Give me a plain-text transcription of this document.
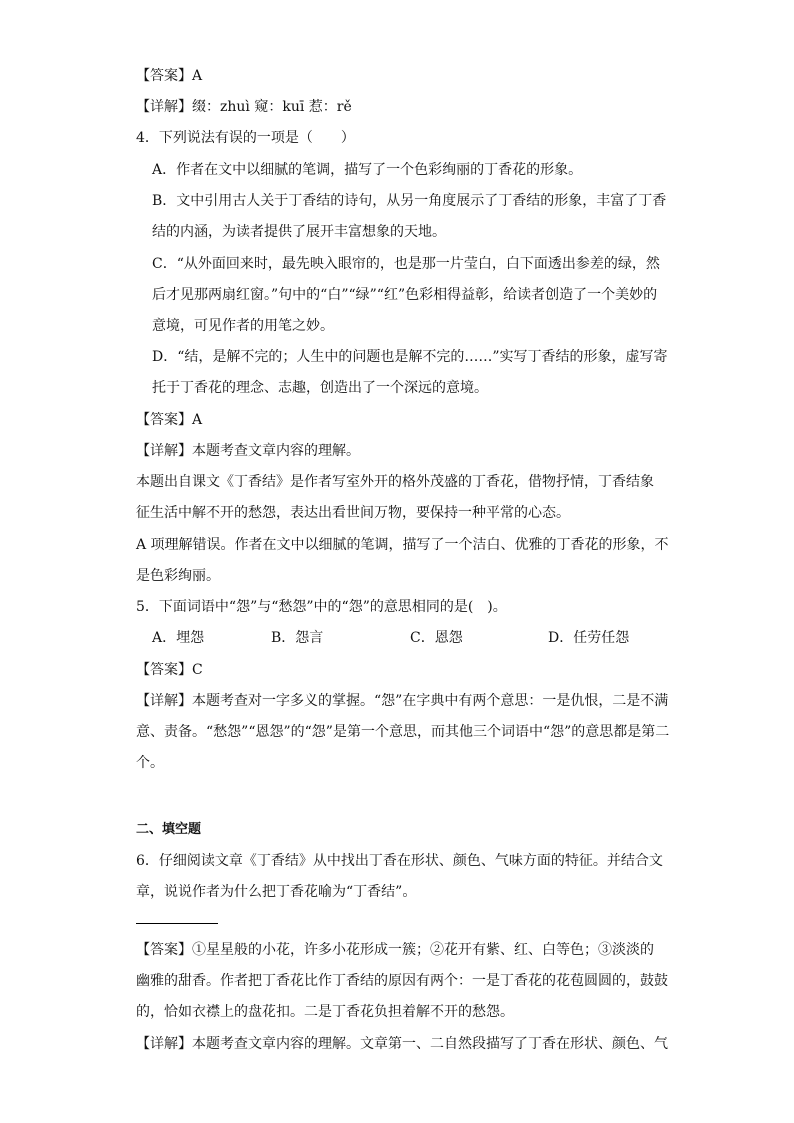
【答案】A
【详解】缀：zhuì 窥：kuī 惹：rě
4．下列说法有误的一项是（　　）
A．作者在文中以细腻的笔调，描写了一个色彩绚丽的丁香花的形象。
B．文中引用古人关于丁香结的诗句，从另一角度展示了丁香结的形象，丰富了丁香
结的内涵，为读者提供了展开丰富想象的天地。
C．“从外面回来时，最先映入眼帘的，也是那一片莹白，白下面透出参差的绿，然
后才见那两扇红窗。”句中的“白”“绿”“红”色彩相得益彰，给读者创造了一个美妙的
意境，可见作者的用笔之妙。
D．“结，是解不完的；人生中的问题也是解不完的……”实写丁香结的形象，虚写寄
托于丁香花的理念、志趣，创造出了一个深远的意境。
【答案】A
【详解】本题考查文章内容的理解。
本题出自课文《丁香结》是作者写室外开的格外茂盛的丁香花，借物抒情，丁香结象
征生活中解不开的愁怨，表达出看世间万物，要保持一种平常的心态。
A 项理解错误。作者在文中以细腻的笔调，描写了一个洁白、优雅的丁香花的形象，不
是色彩绚丽。
5．下面词语中“怨”与“愁怨”中的“怨”的意思相同的是(　)。
A．埋怨	B．怨言	C．恩怨	D．任劳任怨
【答案】C
【详解】本题考查对一字多义的掌握。“怨”在字典中有两个意思：一是仇恨，二是不满
意、责备。“愁怨”“恩怨”的“怨”是第一个意思，而其他三个词语中“怨”的意思都是第二
个。
二、填空题
6．仔细阅读文章《丁香结》从中找出丁香在形状、颜色、气味方面的特征。并结合文
章，说说作者为什么把丁香花喻为“丁香结”。
【答案】①星星般的小花，许多小花形成一簇；②花开有紫、红、白等色；③淡淡的
幽雅的甜香。作者把丁香花比作丁香结的原因有两个：一是丁香花的花苞圆圆的，鼓鼓
的，恰如衣襟上的盘花扣。二是丁香花负担着解不开的愁怨。
【详解】本题考查文章内容的理解。文章第一、二自然段描写了丁香在形状、颜色、气
